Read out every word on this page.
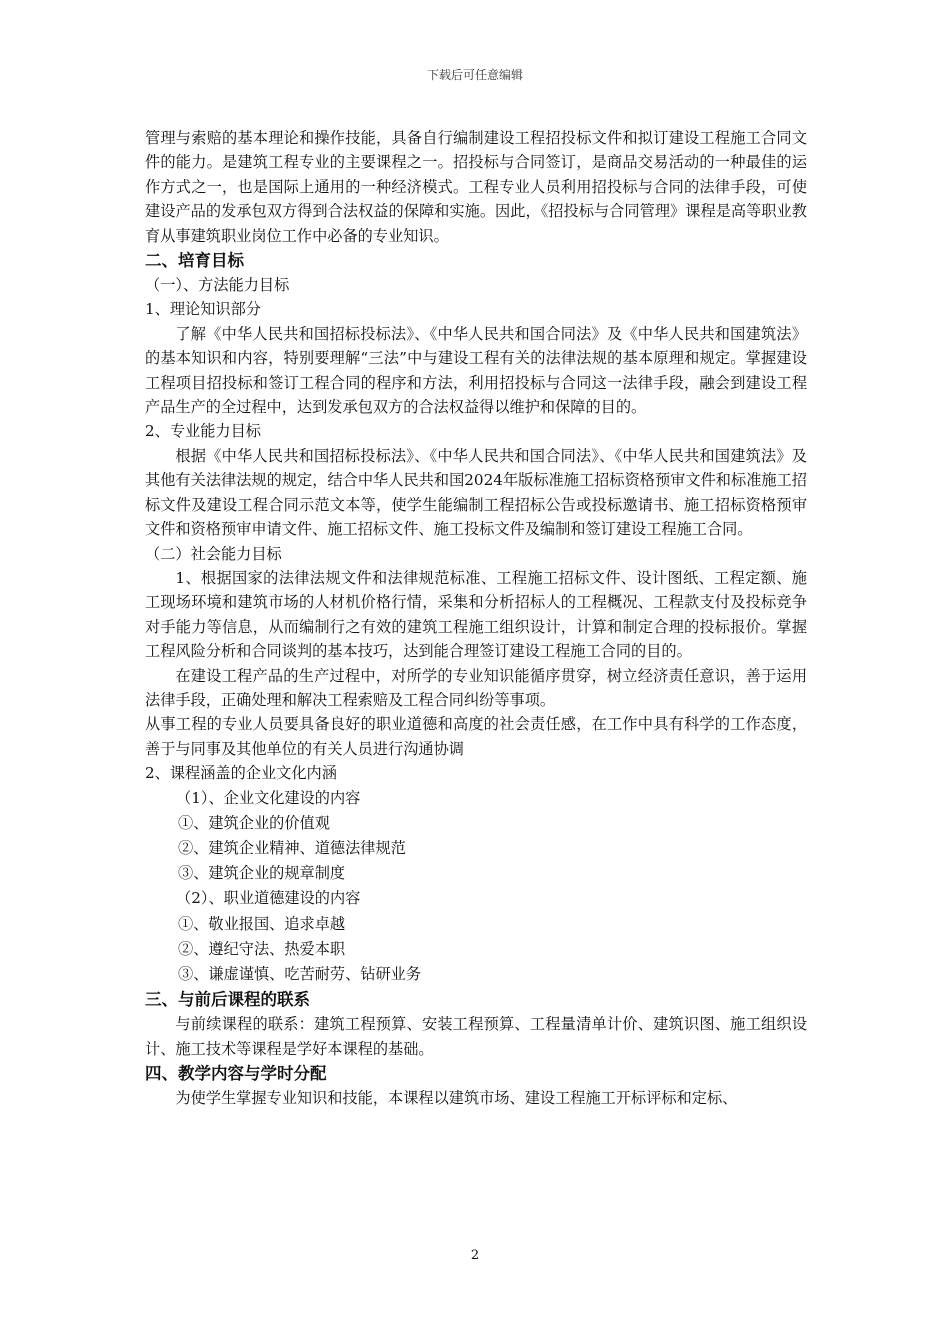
下载后可任意编辑

管理与索赔的基本理论和操作技能，具备自行编制建设工程招投标文件和拟订建设工程施工合同文件的能力。是建筑工程专业的主要课程之一。招投标与合同签订，是商品交易活动的一种最佳的运作方式之一，也是国际上通用的一种经济模式。工程专业人员利用招投标与合同的法律手段，可使建设产品的发承包双方得到合法权益的保障和实施。因此，《招投标与合同管理》课程是高等职业教育从事建筑职业岗位工作中必备的专业知识。

二、培育目标
（一）、方法能力目标
1、理论知识部分

了解《中华人民共和国招标投标法》、《中华人民共和国合同法》及《中华人民共和国建筑法》的基本知识和内容，特别要理解“三法”中与建设工程有关的法律法规的基本原理和规定。掌握建设工程项目招投标和签订工程合同的程序和方法，利用招投标与合同这一法律手段，融会到建设工程产品生产的全过程中，达到发承包双方的合法权益得以维护和保障的目的。

2、专业能力目标

根据《中华人民共和国招标投标法》、《中华人民共和国合同法》、《中华人民共和国建筑法》及其他有关法律法规的规定，结合中华人民共和国2024年版标准施工招标资格预审文件和标准施工招标文件及建设工程合同示范文本等，使学生能编制工程招标公告或投标邀请书、施工招标资格预审文件和资格预审申请文件、施工招标文件、施工投标文件及编制和签订建设工程施工合同。

（二）社会能力目标

1、根据国家的法律法规文件和法律规范标准、工程施工招标文件、设计图纸、工程定额、施工现场环境和建筑市场的人材机价格行情，采集和分析招标人的工程概况、工程款支付及投标竞争对手能力等信息，从而编制行之有效的建筑工程施工组织设计，计算和制定合理的投标报价。掌握工程风险分析和合同谈判的基本技巧，达到能合理签订建设工程施工合同的目的。

在建设工程产品的生产过程中，对所学的专业知识能循序贯穿，树立经济责任意识，善于运用法律手段，正确处理和解决工程索赔及工程合同纠纷等事项。

从事工程的专业人员要具备良好的职业道德和高度的社会责任感，在工作中具有科学的工作态度，善于与同事及其他单位的有关人员进行沟通协调

2、课程涵盖的企业文化内涵
（1）、企业文化建设的内容
①、建筑企业的价值观
②、建筑企业精神、道德法律规范
③、建筑企业的规章制度
（2）、职业道德建设的内容
①、敬业报国、追求卓越
②、遵纪守法、热爱本职
③、谦虚谨慎、吃苦耐劳、钻研业务
三、与前后课程的联系

与前续课程的联系：建筑工程预算、安装工程预算、工程量清单计价、建筑识图、施工组织设计、施工技术等课程是学好本课程的基础。

四、教学内容与学时分配

为使学生掌握专业知识和技能，本课程以建筑市场、建设工程施工开标评标和定标、

2
